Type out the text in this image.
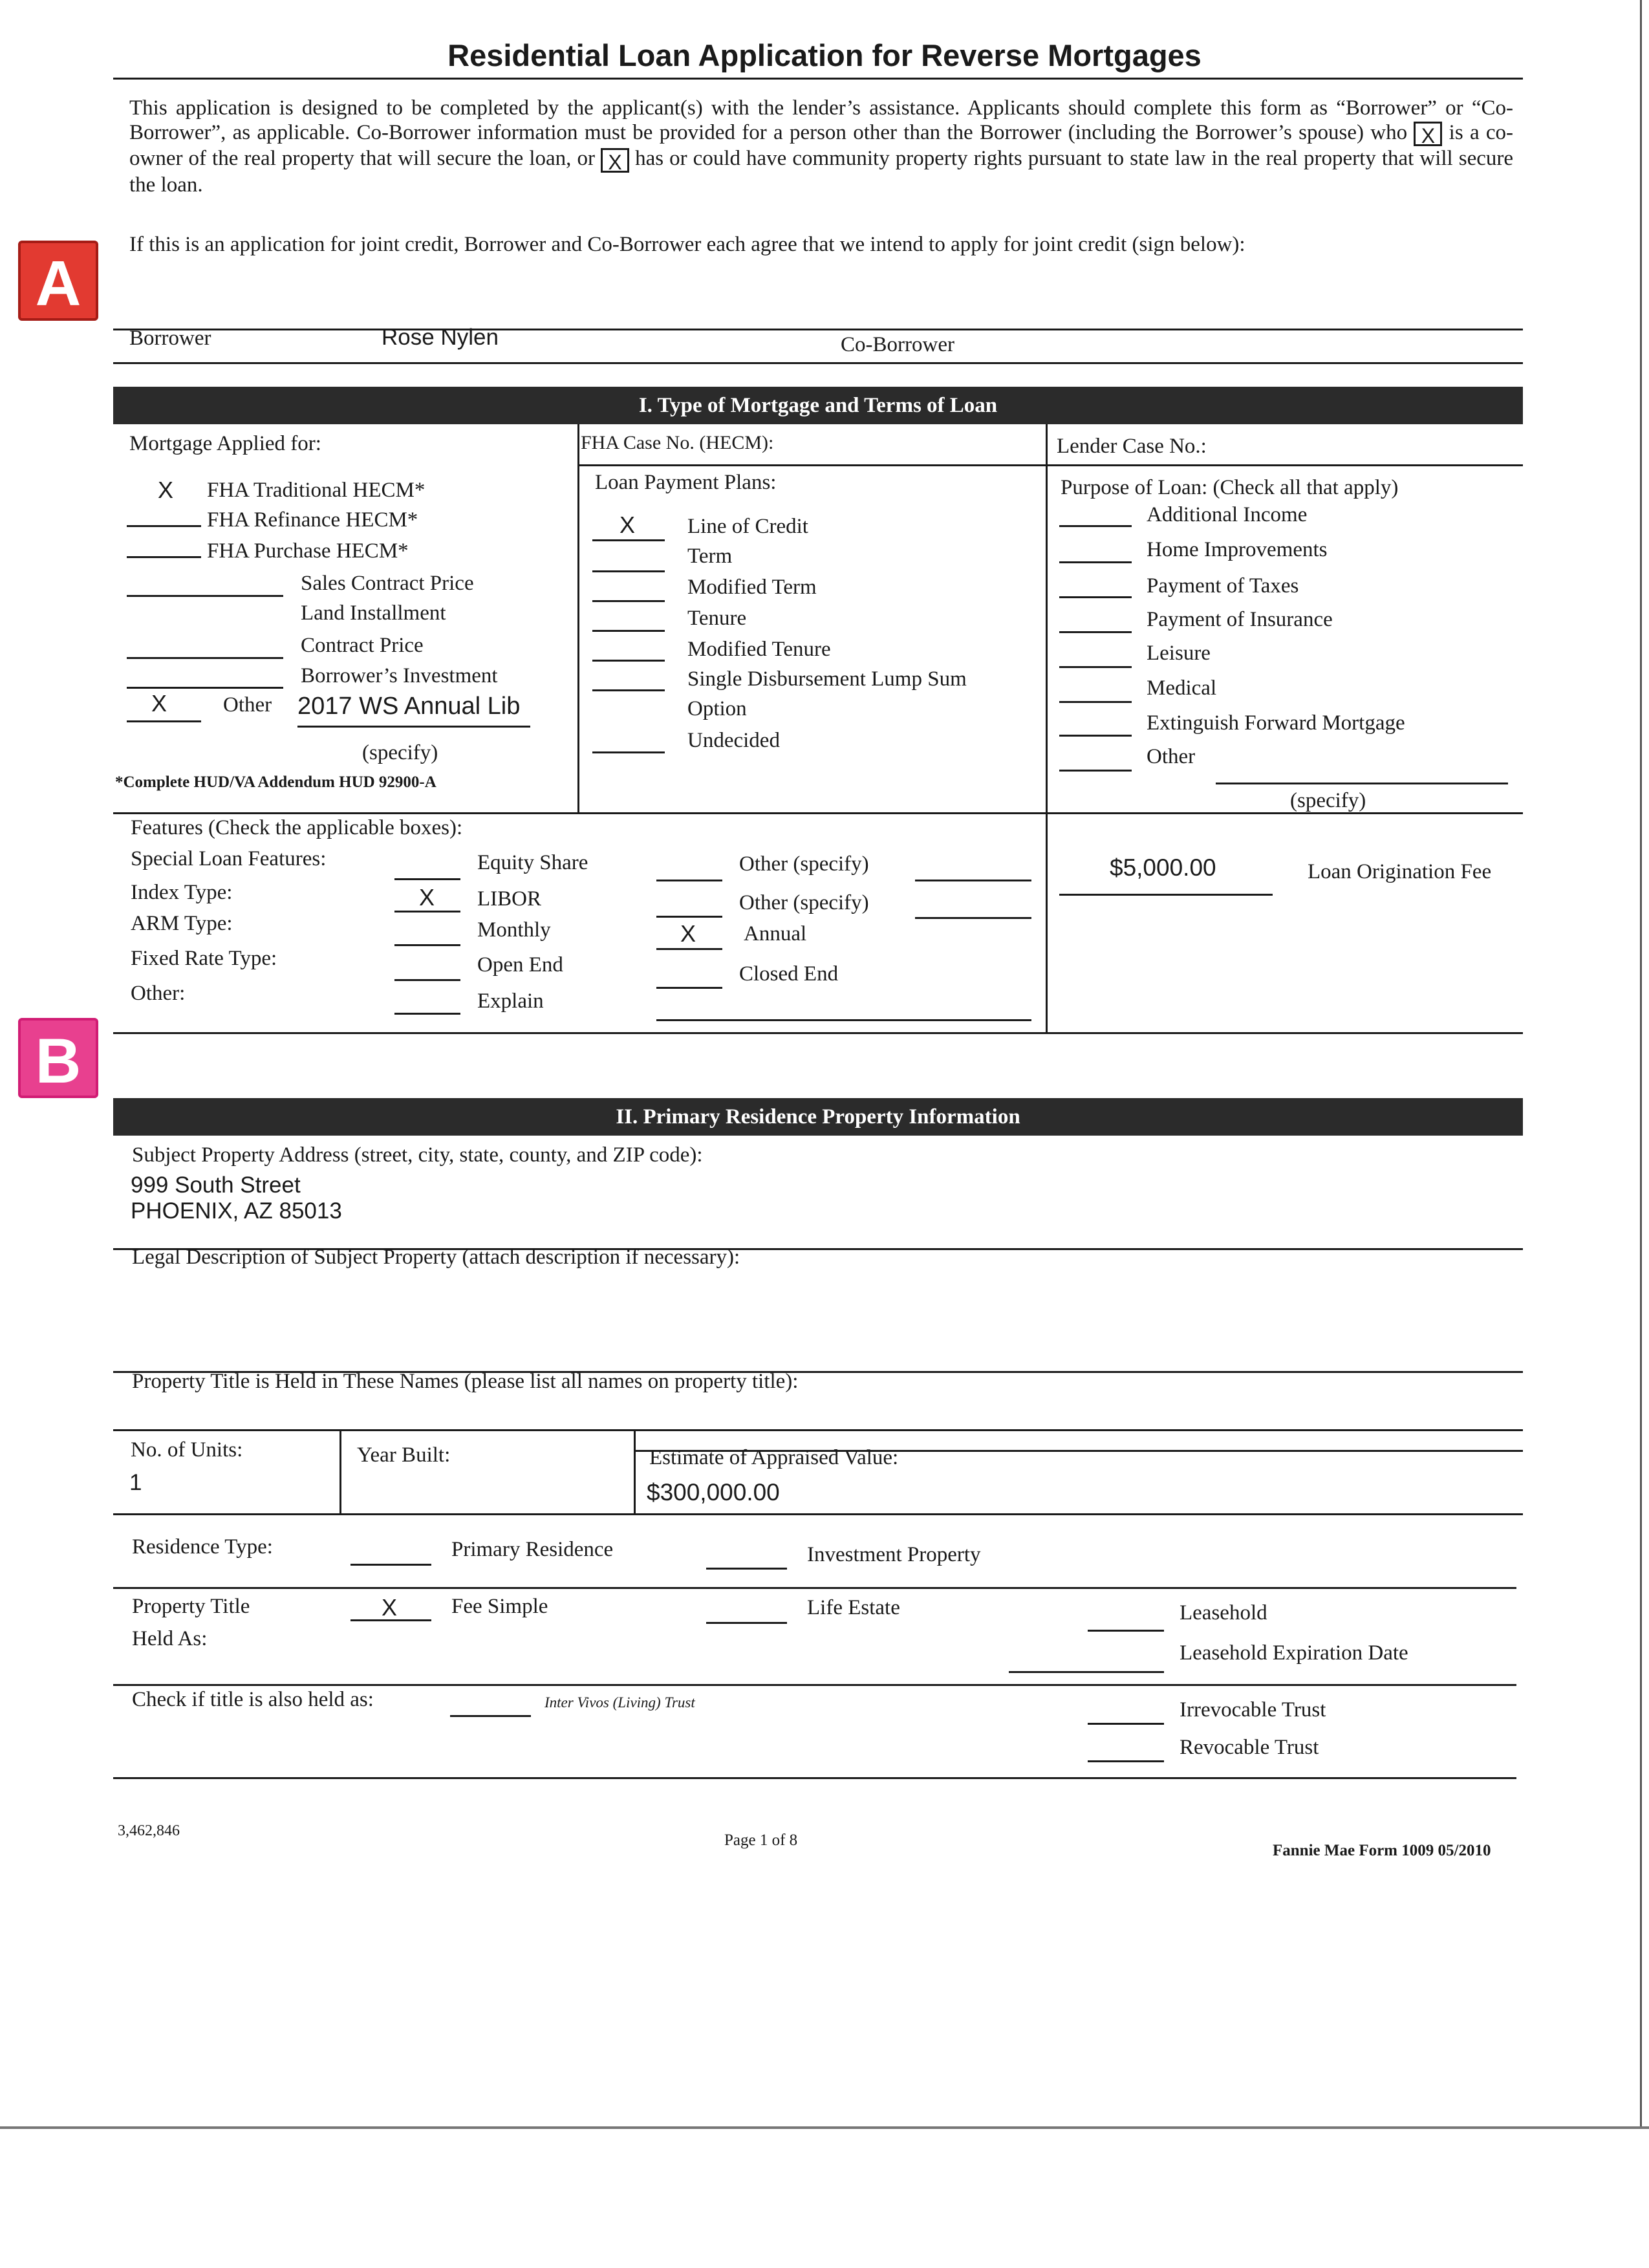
Residential Loan Application for Reverse Mortgages
This application is designed to be completed by the applicant(s) with the lender’s assistance. Applicants should complete this form as “Borrower” or “Co-Borrower”, as applicable. Co-Borrower information must be provided for a person other than the Borrower (including the Borrower’s spouse) who X is a co-owner of the real property that will secure the loan, or X has or could have community property rights pursuant to state law in the real property that will secure the loan.
If this is an application for joint credit, Borrower and Co-Borrower each agree that we intend to apply for joint credit (sign below):
A
Borrower	Rose Nylen	Co-Borrower
I. Type of Mortgage and Terms of Loan
Mortgage Applied for:
X FHA Traditional HECM*
FHA Refinance HECM*
FHA Purchase HECM*
Sales Contract Price
Land Installment
Contract Price
Borrower’s Investment
X	Other 2017 WS Annual Lib
(specify)
*Complete HUD/VA Addendum HUD 92900-A
FHA Case No. (HECM):
Loan Payment Plans:
X Line of Credit
Term
Modified Term
Tenure
Modified Tenure
Single Disbursement Lump Sum
Option
Undecided
Lender Case No.:
Purpose of Loan: (Check all that apply)
Additional Income
Home Improvements
Payment of Taxes
Payment of Insurance
Leisure
Medical
Extinguish Forward Mortgage
Other
(specify)
Features (Check the applicable boxes):
Special Loan Features:
Index Type:
ARM Type:
Fixed Rate Type:
Other:
Equity Share
X LIBOR
Monthly
Open End
Explain
Other (specify)
Other (specify)
X Annual
Closed End
$5,000.00	Loan Origination Fee
B
II. Primary Residence Property Information
Subject Property Address (street, city, state, county, and ZIP code):
999 South Street
PHOENIX, AZ 85013
Legal Description of Subject Property (attach description if necessary):
Property Title is Held in These Names (please list all names on property title):
No. of Units:
1
Year Built:	Estimate of Appraised Value:
$300,000.00
Residence Type:	Primary Residence	Investment Property
Property Title
Held As:
X	Fee Simple	Life Estate	Leasehold
Leasehold Expiration Date
Check if title is also held as:	Inter Vivos (Living) Trust	Irrevocable Trust
Revocable Trust
3,462,846
Page 1 of 8
Fannie Mae Form 1009 05/2010
